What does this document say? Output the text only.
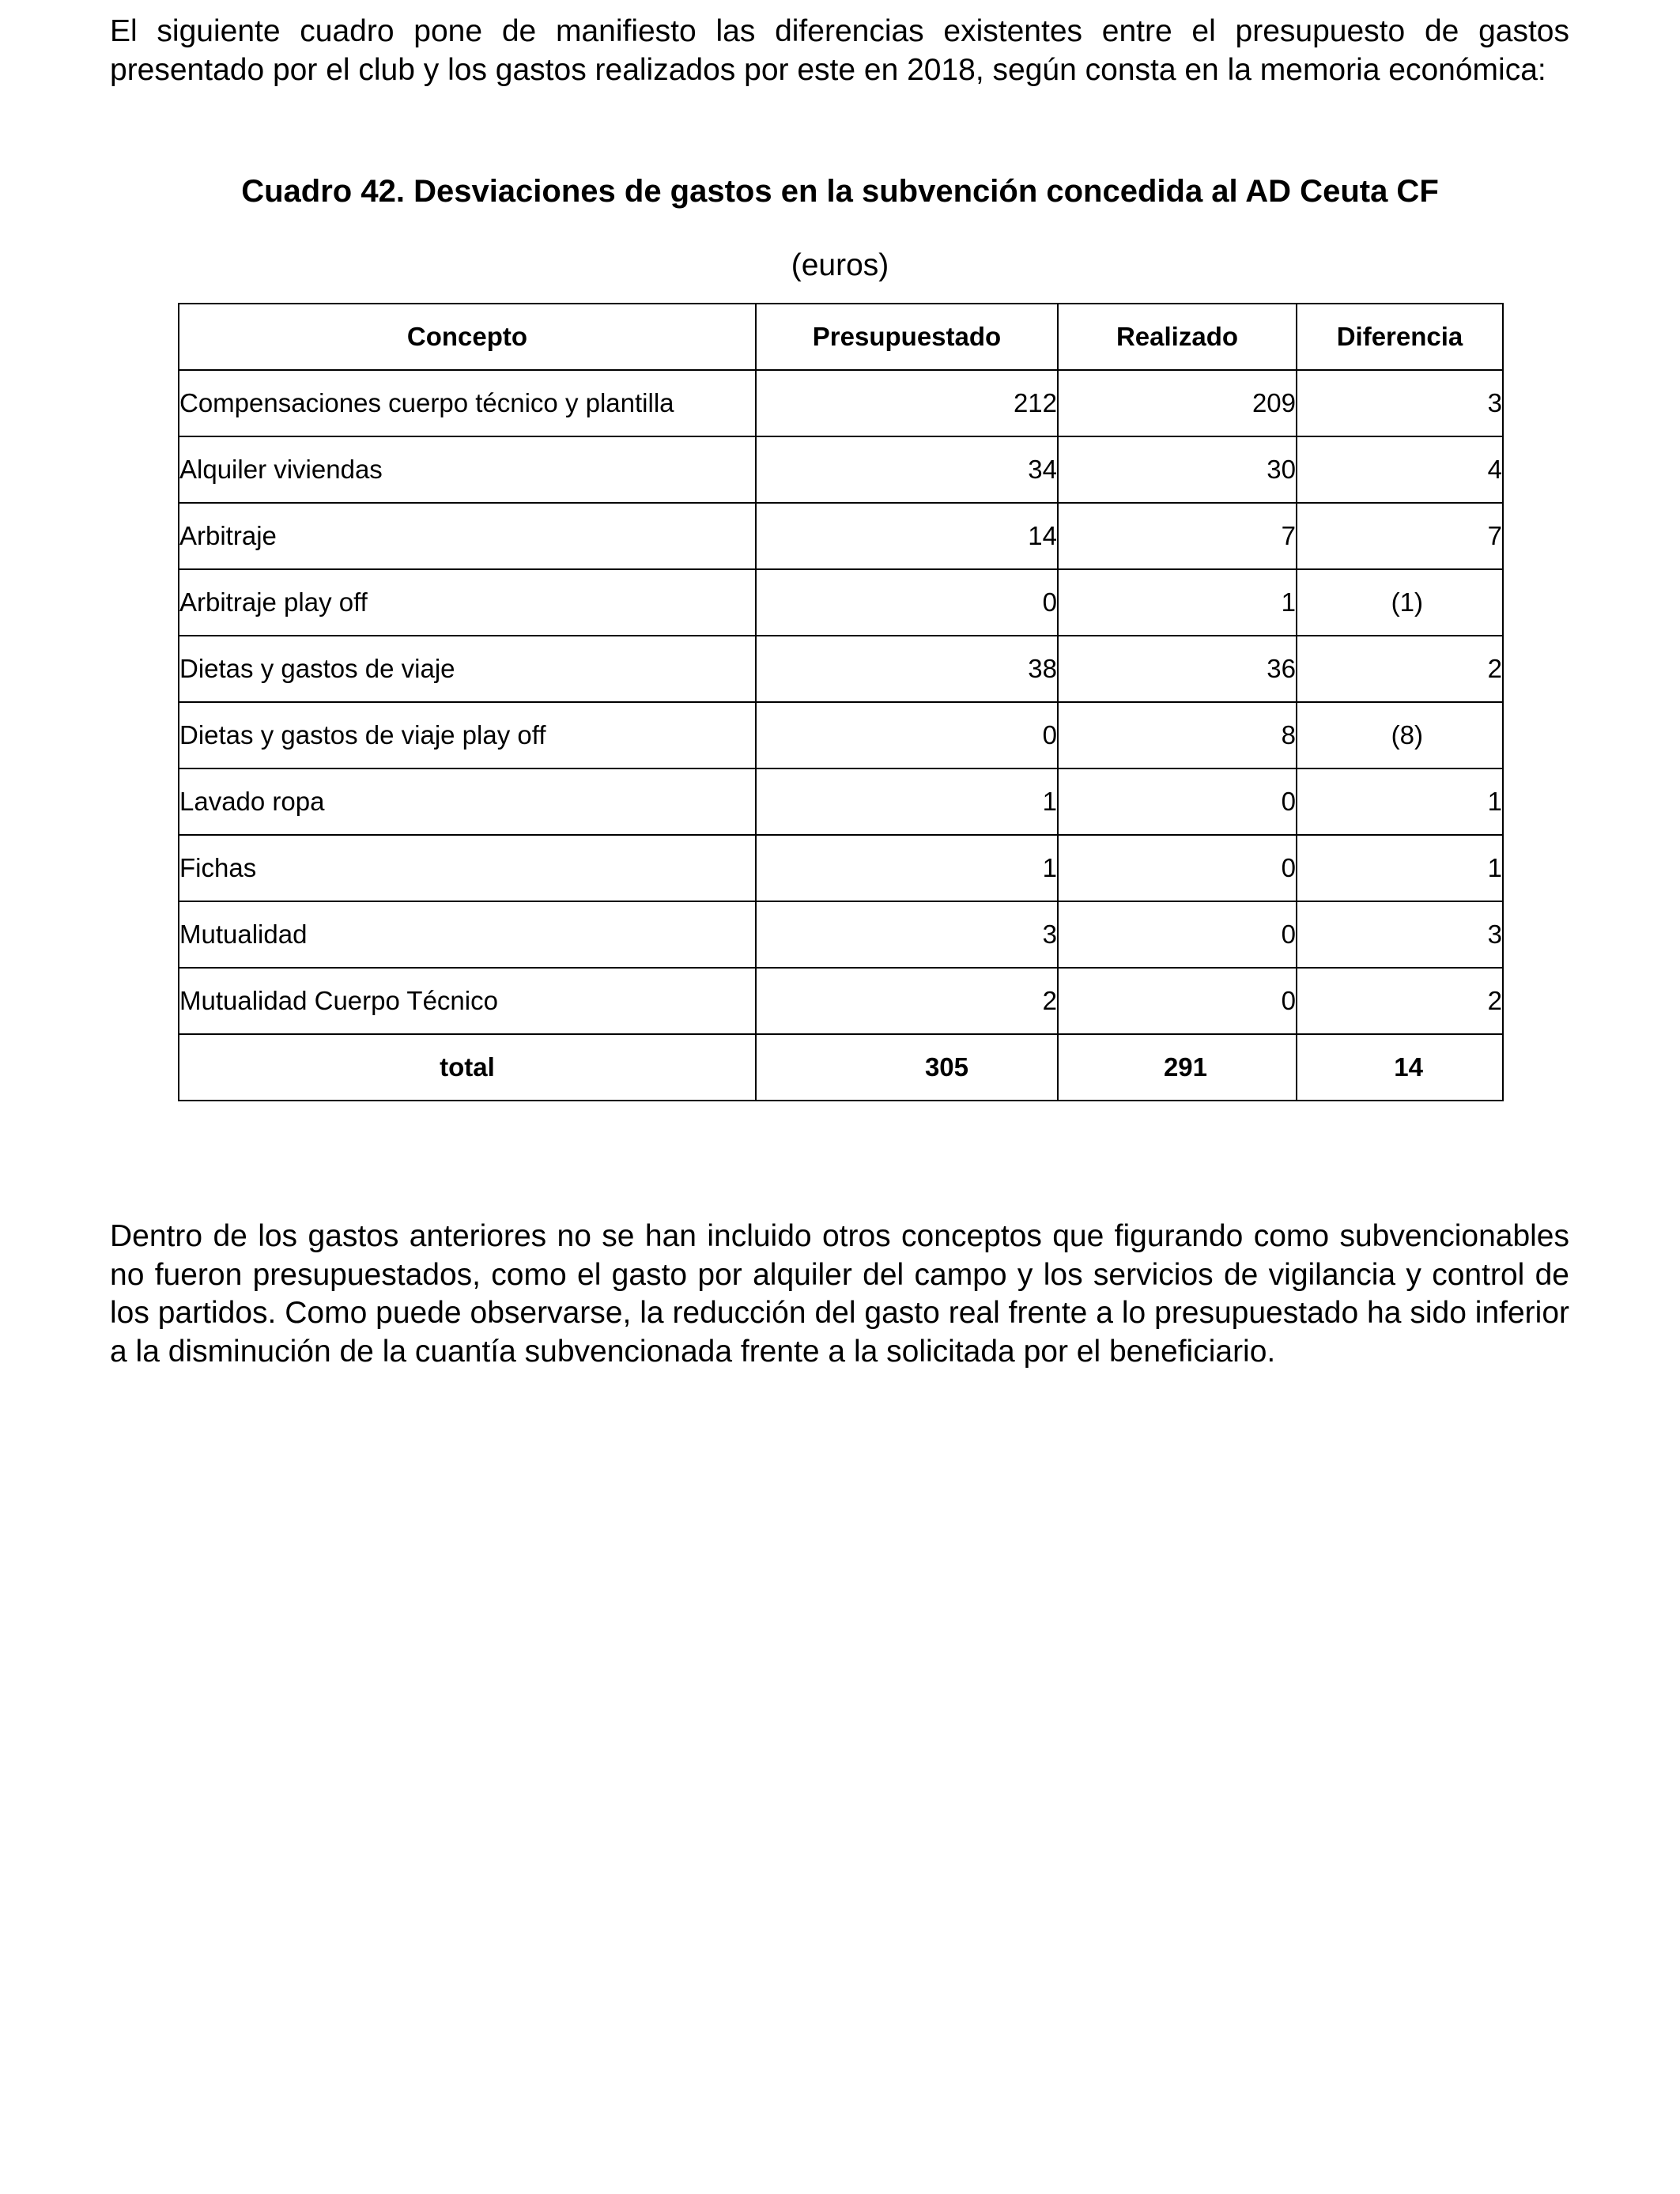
El siguiente cuadro pone de manifiesto las diferencias existentes entre el presupuesto de gastos presentado por el club y los gastos realizados por este en 2018, según consta en la memoria económica:

Cuadro 42. Desviaciones de gastos en la subvención concedida al AD Ceuta CF

(euros)

Concepto	Presupuestado	Realizado	Diferencia
Compensaciones cuerpo técnico y plantilla	212	209	3
Alquiler viviendas	34	30	4
Arbitraje	14	7	7
Arbitraje play off	0	1	(1)
Dietas y gastos de viaje	38	36	2
Dietas y gastos de viaje play off	0	8	(8)
Lavado ropa	1	0	1
Fichas	1	0	1
Mutualidad	3	0	3
Mutualidad Cuerpo Técnico	2	0	2
total	305	291	14

Dentro de los gastos anteriores no se han incluido otros conceptos que figurando como subvencionables no fueron presupuestados, como el gasto por alquiler del campo y los servicios de vigilancia y control de los partidos. Como puede observarse, la reducción del gasto real frente a lo presupuestado ha sido inferior a la disminución de la cuantía subvencionada frente a la solicitada por el beneficiario.
